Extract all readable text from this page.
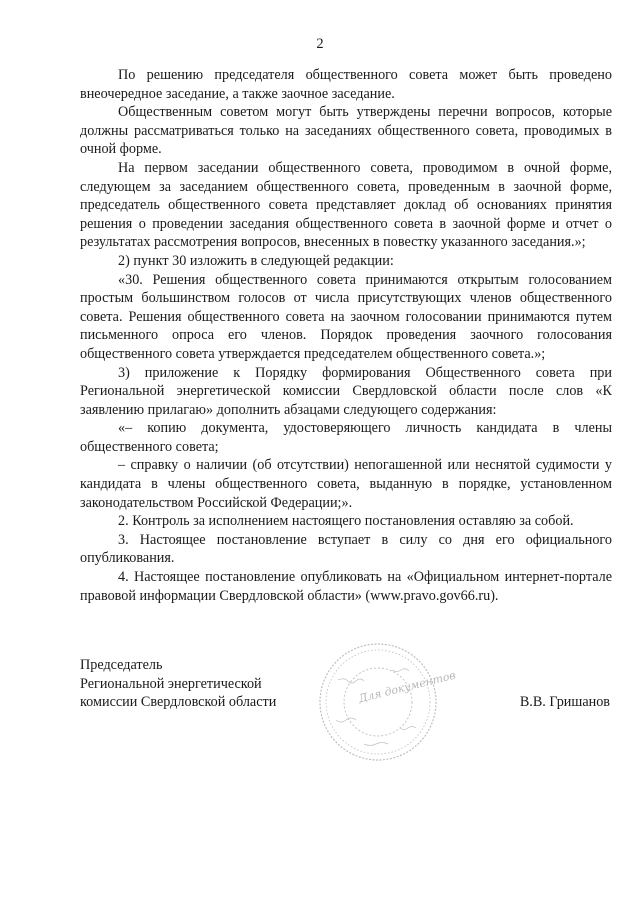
2

По решению председателя общественного совета может быть проведено внеочередное заседание, а также заочное заседание.

Общественным советом могут быть утверждены перечни вопросов, которые должны рассматриваться только на заседаниях общественного совета, проводимых в очной форме.

На первом заседании общественного совета, проводимом в очной форме, следующем за заседанием общественного совета, проведенным в заочной форме, председатель общественного совета представляет доклад об основаниях принятия решения о проведении заседания общественного совета в заочной форме и отчет о результатах рассмотрения вопросов, внесенных в повестку указанного заседания.»;

2) пункт 30 изложить в следующей редакции:

«30. Решения общественного совета принимаются открытым голосованием простым большинством голосов от числа присутствующих членов общественного совета. Решения общественного совета на заочном голосовании принимаются путем письменного опроса его членов. Порядок проведения заочного голосования общественного совета утверждается председателем общественного совета.»;

3) приложение к Порядку формирования Общественного совета при Региональной энергетической комиссии Свердловской области после слов «К заявлению прилагаю» дополнить абзацами следующего содержания:

«– копию документа, удостоверяющего личность кандидата в члены общественного совета;

– справку о наличии (об отсутствии) непогашенной или неснятой судимости у кандидата в члены общественного совета, выданную в порядке, установленном законодательством Российской Федерации;».

2. Контроль за исполнением настоящего постановления оставляю за собой.

3. Настоящее постановление вступает в силу со дня его официального опубликования.

4. Настоящее постановление опубликовать на «Официальном интернет-портале правовой информации Свердловской области» (www.pravo.gov66.ru).

Председатель
Региональной энергетической
комиссии Свердловской области	Для документов	В.В. Гришанов
